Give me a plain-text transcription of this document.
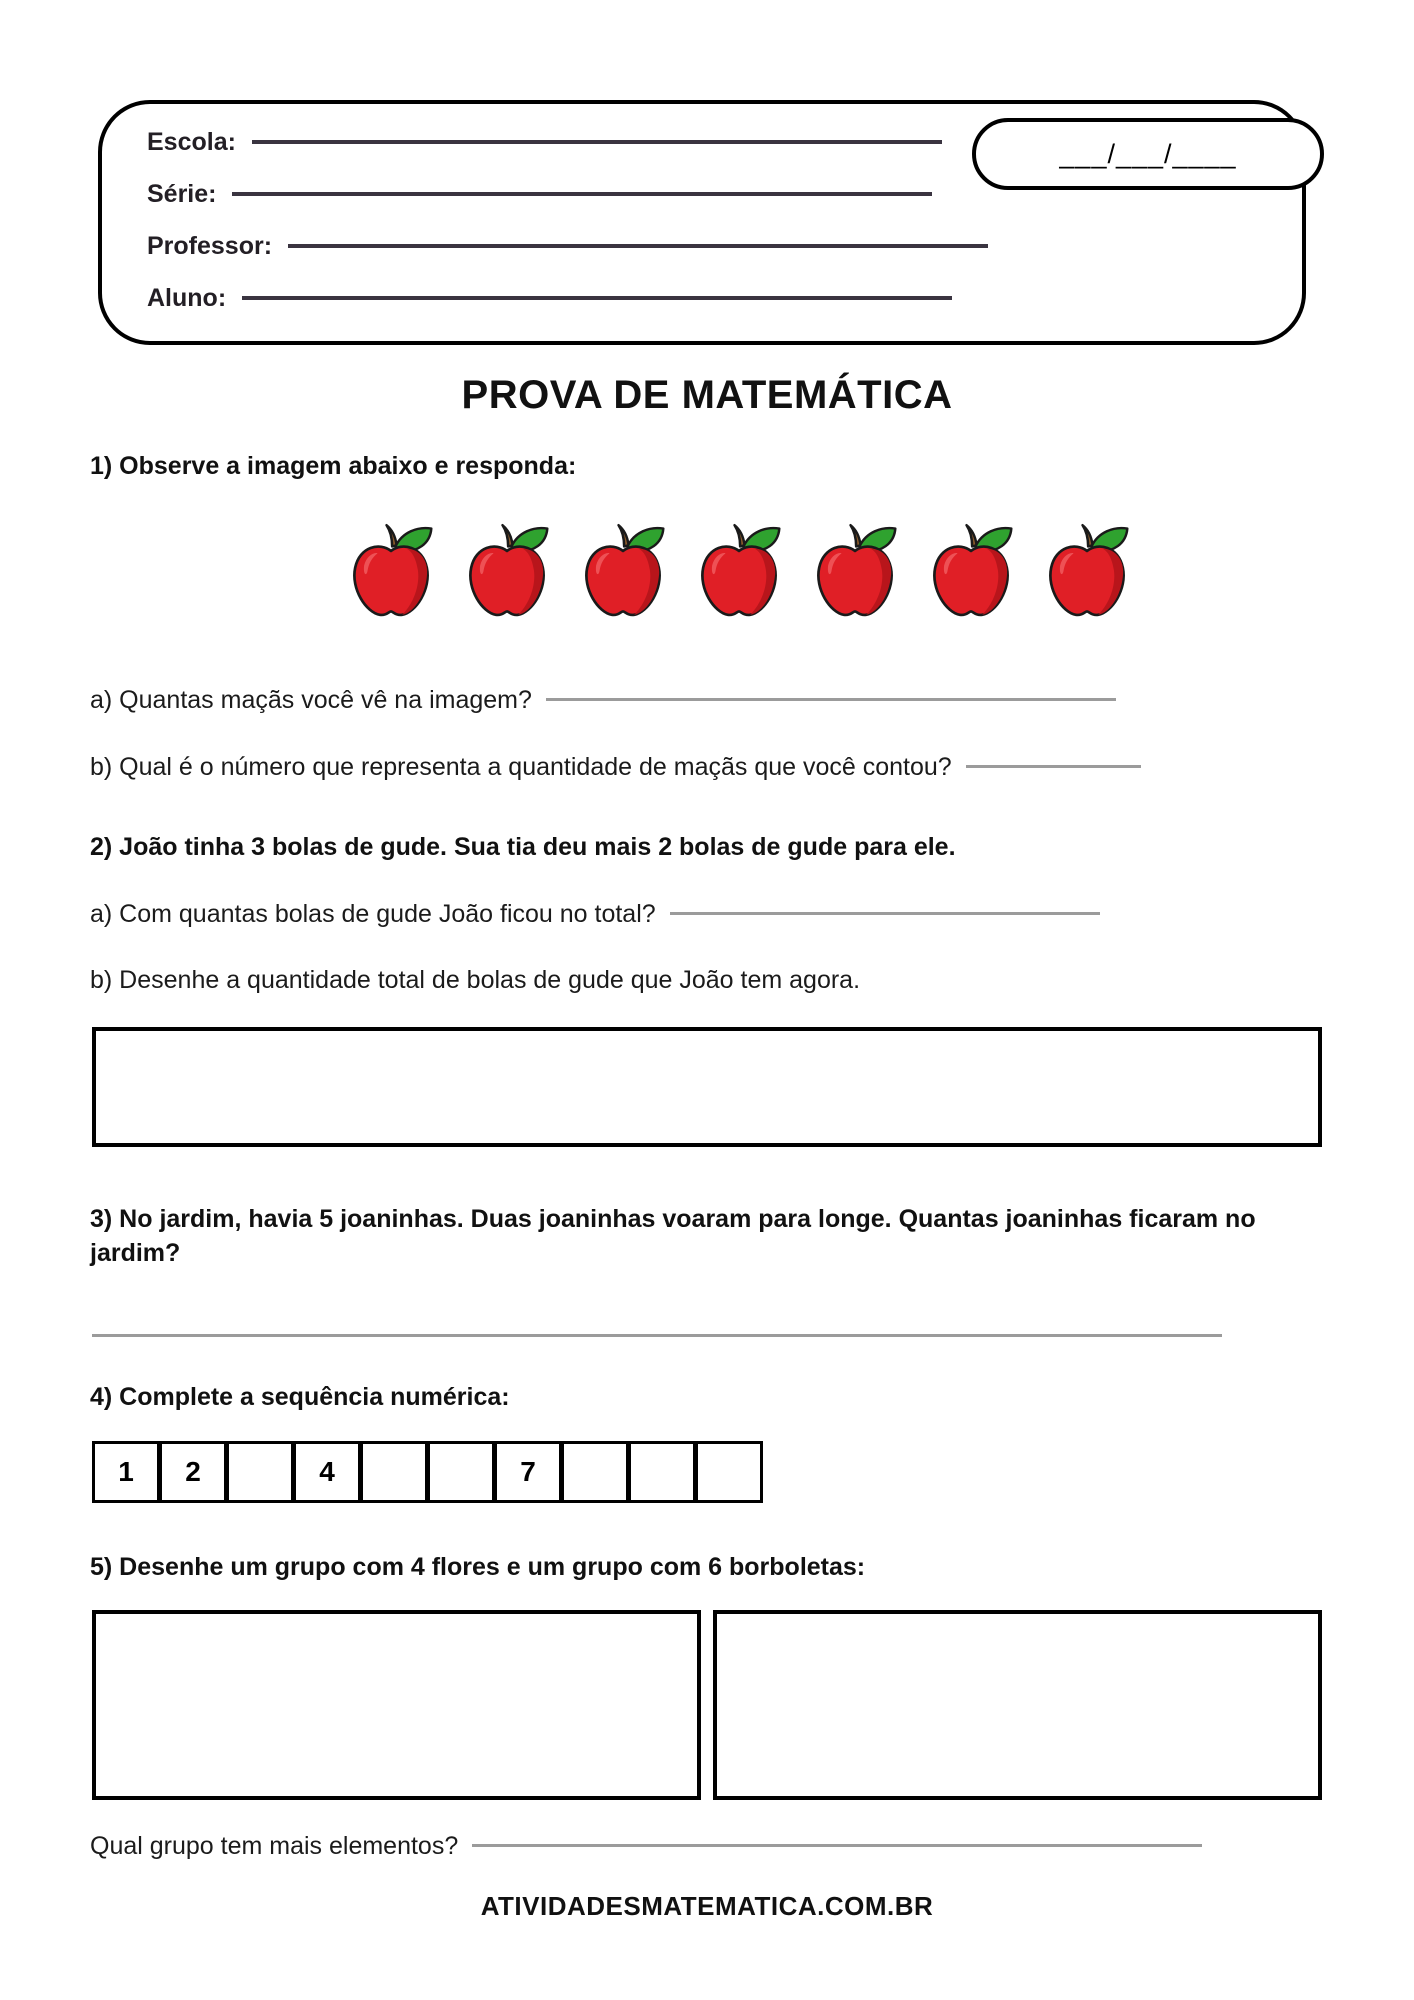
Escola:
Série:
Professor:
Aluno:
___/___/____
PROVA DE MATEMÁTICA
1) Observe a imagem abaixo e responda:
a) Quantas maçãs você vê na imagem?
b) Qual é o número que representa a quantidade de maçãs que você contou?
2) João tinha 3 bolas de gude. Sua tia deu mais 2 bolas de gude para ele.
a) Com quantas bolas de gude João ficou no total?
b) Desenhe a quantidade total de bolas de gude que João tem agora.
3) No jardim, havia 5 joaninhas. Duas joaninhas voaram para longe. Quantas joaninhas ficaram no jardim?
4) Complete a sequência numérica:
1	2	4	7
5) Desenhe um grupo com 4 flores e um grupo com 6 borboletas:
Qual grupo tem mais elementos?
ATIVIDADESMATEMATICA.COM.BR
